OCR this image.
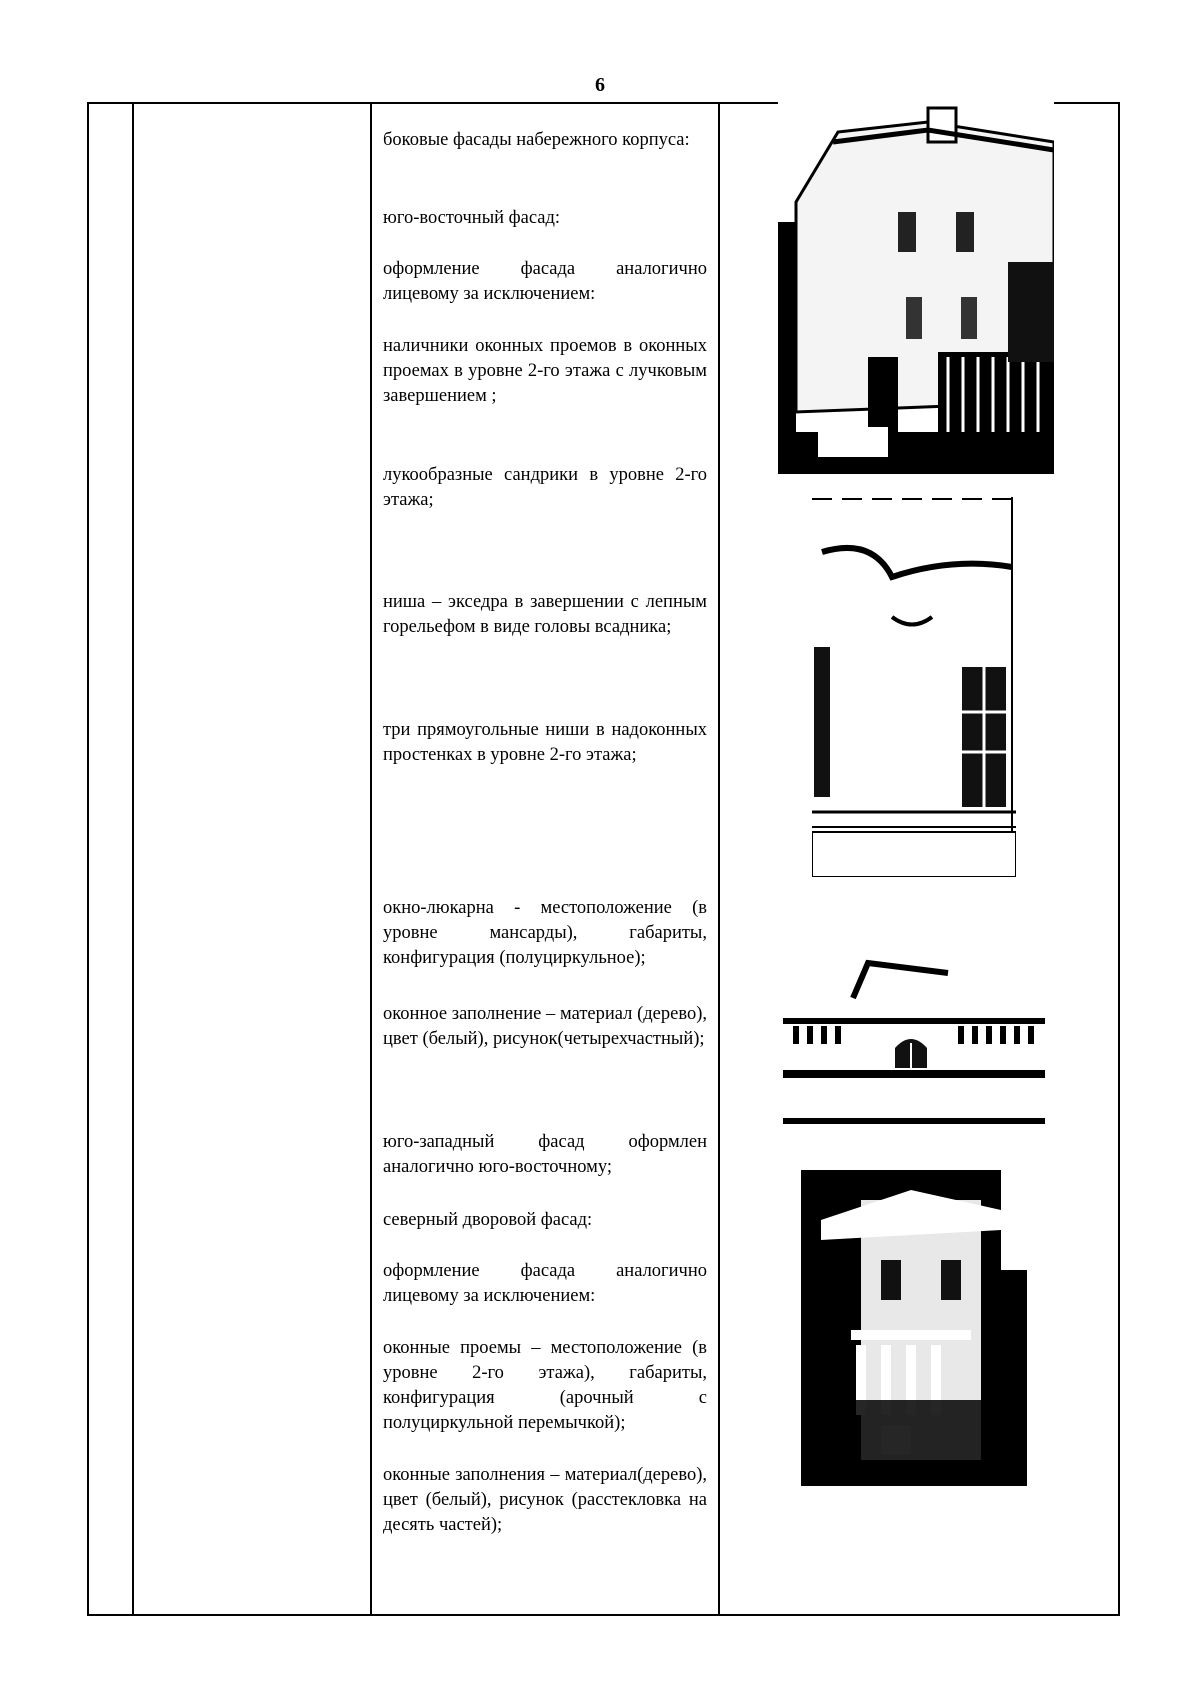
6
боковые фасады набережного корпуса:
юго-восточный фасад:
оформление фасада аналогично лицевому за исключением:
наличники оконных проемов в оконных проемах в уровне 2-го этажа с лучковым завершением ;
лукообразные сандрики в уровне 2-го этажа;
ниша – экседра в завершении с лепным горельефом в виде головы всадника;
три прямоугольные ниши в надоконных простенках в уровне 2-го этажа;
окно-люкарна - местоположение (в уровне мансарды), габариты, конфигурация (полуциркульное);
оконное заполнение – материал (дерево), цвет (белый), рисунок(четырехчастный);
юго-западный фасад оформлен аналогично юго-восточному;
северный дворовой фасад:
оформление фасада аналогично лицевому за исключением:
оконные проемы – местоположение (в уровне 2-го этажа), габариты, конфигурация (арочный с полуциркульной перемычкой);
оконные заполнения – материал(дерево), цвет (белый), рисунок (расстекловка на десять частей);
